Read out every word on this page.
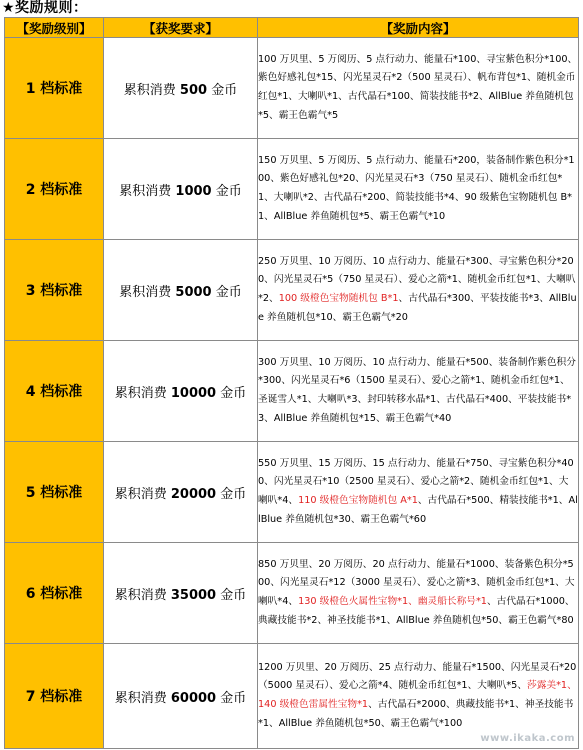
★奖励规则：
【奖励级别】	【获奖要求】	【奖励内容】
1 档标准	累积消费 500 金币	100 万贝里、5 万阅历、5 点行动力、能量石*100、寻宝紫色积分*100、紫色好感礼包*15、闪光星灵石*2（500 星灵石）、帆布背包*1、随机金币红包*1、大喇叭*1、古代晶石*100、简装技能书*2、AllBlue 养鱼随机包*5、霸王色霸气*5
2 档标准	累积消费 1000 金币	150 万贝里、5 万阅历、5 点行动力、能量石*200，装备制作紫色积分*100、紫色好感礼包*20、闪光星灵石*3（750 星灵石）、随机金币红包*1、大喇叭*2、古代晶石*200、简装技能书*4、90 级紫色宝物随机包 B*1、AllBlue 养鱼随机包*5、霸王色霸气*10
3 档标准	累积消费 5000 金币	250 万贝里、10 万阅历、10 点行动力、能量石*300、寻宝紫色积分*200、闪光星灵石*5（750 星灵石）、爱心之箭*1、随机金币红包*1、大喇叭*2、100 级橙色宝物随机包 B*1、古代晶石*300、平装技能书*3、AllBlue 养鱼随机包*10、霸王色霸气*20
4 档标准	累积消费 10000 金币	300 万贝里、10 万阅历、10 点行动力、能量石*500、装备制作紫色积分*300、闪光星灵石*6（1500 星灵石）、爱心之箭*1、随机金币红包*1、圣诞雪人*1、大喇叭*3、封印转移水晶*1、古代晶石*400、平装技能书*3、AllBlue 养鱼随机包*15、霸王色霸气*40
5 档标准	累积消费 20000 金币	550 万贝里、15 万阅历、15 点行动力、能量石*750、寻宝紫色积分*400、闪光星灵石*10（2500 星灵石）、爱心之箭*2、随机金币红包*1、大喇叭*4、110 级橙色宝物随机包 A*1、古代晶石*500、精装技能书*1、AllBlue 养鱼随机包*30、霸王色霸气*60
6 档标准	累积消费 35000 金币	850 万贝里、20 万阅历、20 点行动力、能量石*1000、装备紫色积分*500、闪光星灵石*12（3000 星灵石）、爱心之箭*3、随机金币红包*1、大喇叭*4、130 级橙色火属性宝物*1、幽灵船长称号*1、古代晶石*1000、典藏技能书*2、神圣技能书*1、AllBlue 养鱼随机包*50、霸王色霸气*80
7 档标准	累积消费 60000 金币	1200 万贝里、20 万阅历、25 点行动力、能量石*1500、闪光星灵石*20（5000 星灵石）、爱心之箭*4、随机金币红包*1、大喇叭*5、莎露美*1、140 级橙色雷属性宝物*1、古代晶石*2000、典藏技能书*1、神圣技能书*1、AllBlue 养鱼随机包*50、霸王色霸气*100
www.ikaka.com
